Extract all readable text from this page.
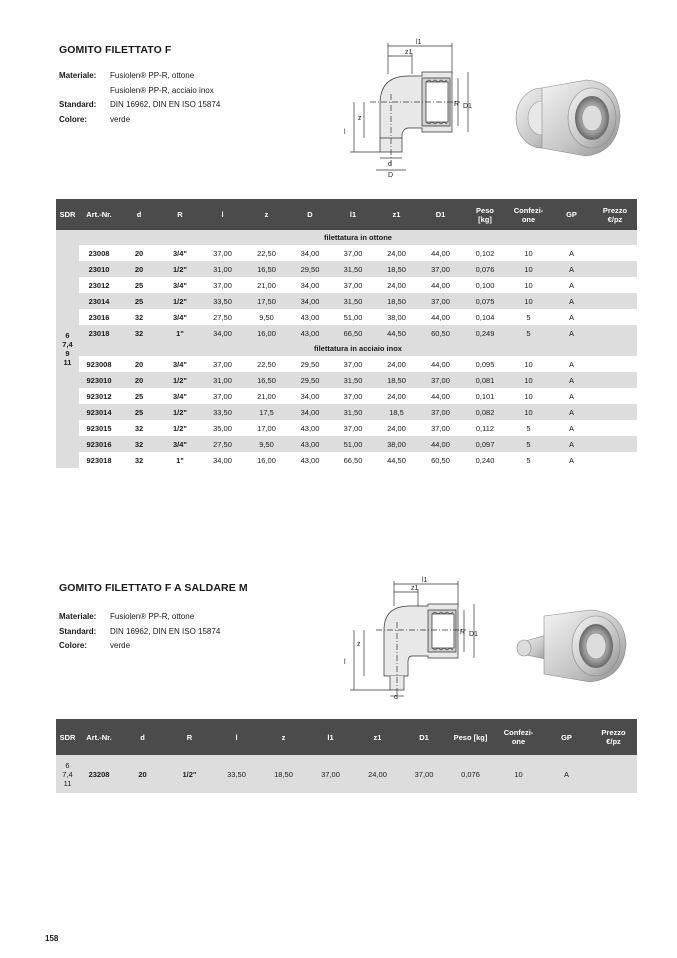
GOMITO FILETTATO F
Materiale:	Fusiolen® PP-R, ottone
Fusiolen® PP-R, acciaio inox
Standard:	DIN 16962, DIN EN ISO 15874
Colore:	verde
l1
z1
z
l
R D1
d
D
SDR	Art.-Nr.	d	R	l	z	D	l1	z1	D1	Peso
[kg]	Confezi-
one	GP	Prezzo
€/pz

6
7,4
9
11	filettatura in ottone												
	23008	20	3/4"	37,00	22,50	34,00	37,00	24,00	44,00	0,102	10	A	
	23010	20	1/2"	31,00	16,50	29,50	31,50	18,50	37,00	0,076	10	A	
	23012	25	3/4"	37,00	21,00	34,00	37,00	24,00	44,00	0,100	10	A	
	23014	25	1/2"	33,50	17,50	34,00	31,50	18,50	37,00	0,075	10	A	
	23016	32	3/4"	27,50	9,50	43,00	51,00	38,00	44,00	0,104	5	A	
	23018	32	1"	34,00	16,00	43,00	66,50	44,50	60,50	0,249	5	A	
	filettatura in acciaio inox												
	923008	20	3/4"	37,00	22,50	29,50	37,00	24,00	44,00	0,095	10	A	
	923010	20	1/2"	31,00	16,50	29,50	31,50	18,50	37,00	0,081	10	A	
	923012	25	3/4"	37,00	21,00	34,00	37,00	24,00	44,00	0,101	10	A	
	923014	25	1/2"	33,50	17,5	34,00	31,50	18,5	37,00	0,082	10	A	
	923015	32	1/2"	35,00	17,00	43,00	37,00	24,00	37,00	0,112	5	A	
	923016	32	3/4"	27,50	9,50	43,00	51,00	38,00	44,00	0,097	5	A	
	923018	32	1"	34,00	16,00	43,00	66,50	44,50	60,50	0,240	5	A	
GOMITO FILETTATO F A SALDARE M
Materiale:	Fusiolen® PP-R, ottone
Standard:	DIN 16962, DIN EN ISO 15874
Colore:	verde
l1
z1
z
l
R D1
d
SDR	Art.-Nr.	d	R	l	z	l1	z1	D1	Peso [kg]	Confezi-
one	GP	Prezzo
€/pz

6
7,4
11	23208	20	1/2"	33,50	18,50	37,00	24,00	37,00	0,076	10	A	
158
